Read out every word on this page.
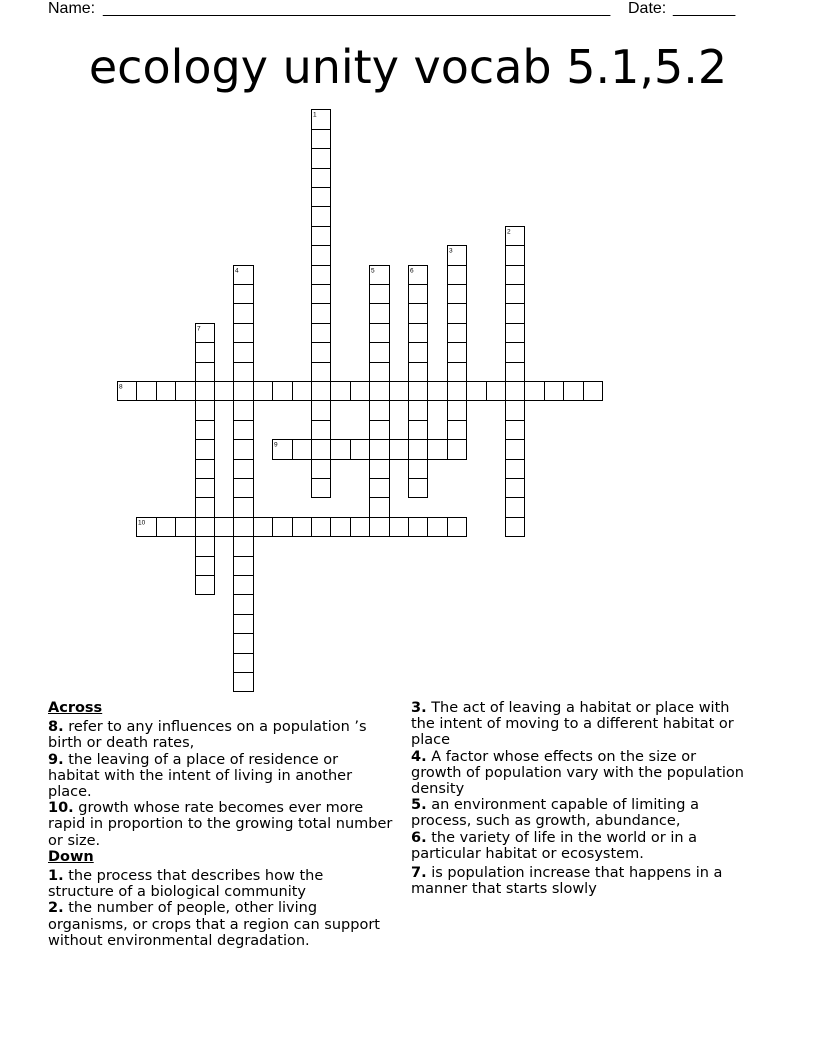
Name: _________________________________________________________ Date: _______
ecology unity vocab 5.1,5.2
1
2
3
4	5	6
7
8
9
10
Across
8. refer to any influences on a population ’s
birth or death rates,
9. the leaving of a place of residence or
habitat with the intent of living in another
place.
10. growth whose rate becomes ever more
rapid in proportion to the growing total number
or size.
Down
1. the process that describes how the
structure of a biological community
2. the number of people, other living
organisms, or crops that a region can support
without environmental degradation.
3. The act of leaving a habitat or place with
the intent of moving to a different habitat or
place
4. A factor whose effects on the size or
growth of population vary with the population
density
5. an environment capable of limiting a
process, such as growth, abundance,
6. the variety of life in the world or in a
particular habitat or ecosystem.
7. is population increase that happens in a
manner that starts slowly
